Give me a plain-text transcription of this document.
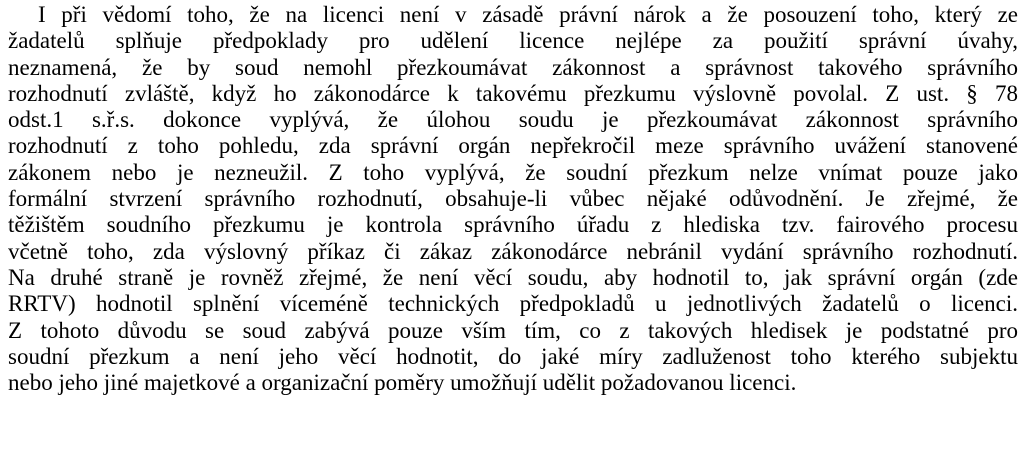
I při vědomí toho, že na licenci není v zásadě právní nárok a že posouzení toho, který ze
žadatelů splňuje předpoklady pro udělení licence nejlépe za použití správní úvahy,
neznamená, že by soud nemohl přezkoumávat zákonnost a správnost takového správního
rozhodnutí zvláště, když ho zákonodárce k takovému přezkumu výslovně povolal. Z ust. § 78
odst.1 s.ř.s. dokonce vyplývá, že úlohou soudu je přezkoumávat zákonnost správního
rozhodnutí z toho pohledu, zda správní orgán nepřekročil meze správního uvážení stanovené
zákonem nebo je nezneužil. Z toho vyplývá, že soudní přezkum nelze vnímat pouze jako
formální stvrzení správního rozhodnutí, obsahuje-li vůbec nějaké odůvodnění. Je zřejmé, že
těžištěm soudního přezkumu je kontrola správního úřadu z hlediska tzv. fairového procesu
včetně toho, zda výslovný příkaz či zákaz zákonodárce nebránil vydání správního rozhodnutí.
Na druhé straně je rovněž zřejmé, že není věcí soudu, aby hodnotil to, jak správní orgán (zde
RRTV) hodnotil splnění víceméně technických předpokladů u jednotlivých žadatelů o licenci.
Z tohoto důvodu se soud zabývá pouze vším tím, co z takových hledisek je podstatné pro
soudní přezkum a není jeho věcí hodnotit, do jaké míry zadluženost toho kterého subjektu
nebo jeho jiné majetkové a organizační poměry umožňují udělit požadovanou licenci.
